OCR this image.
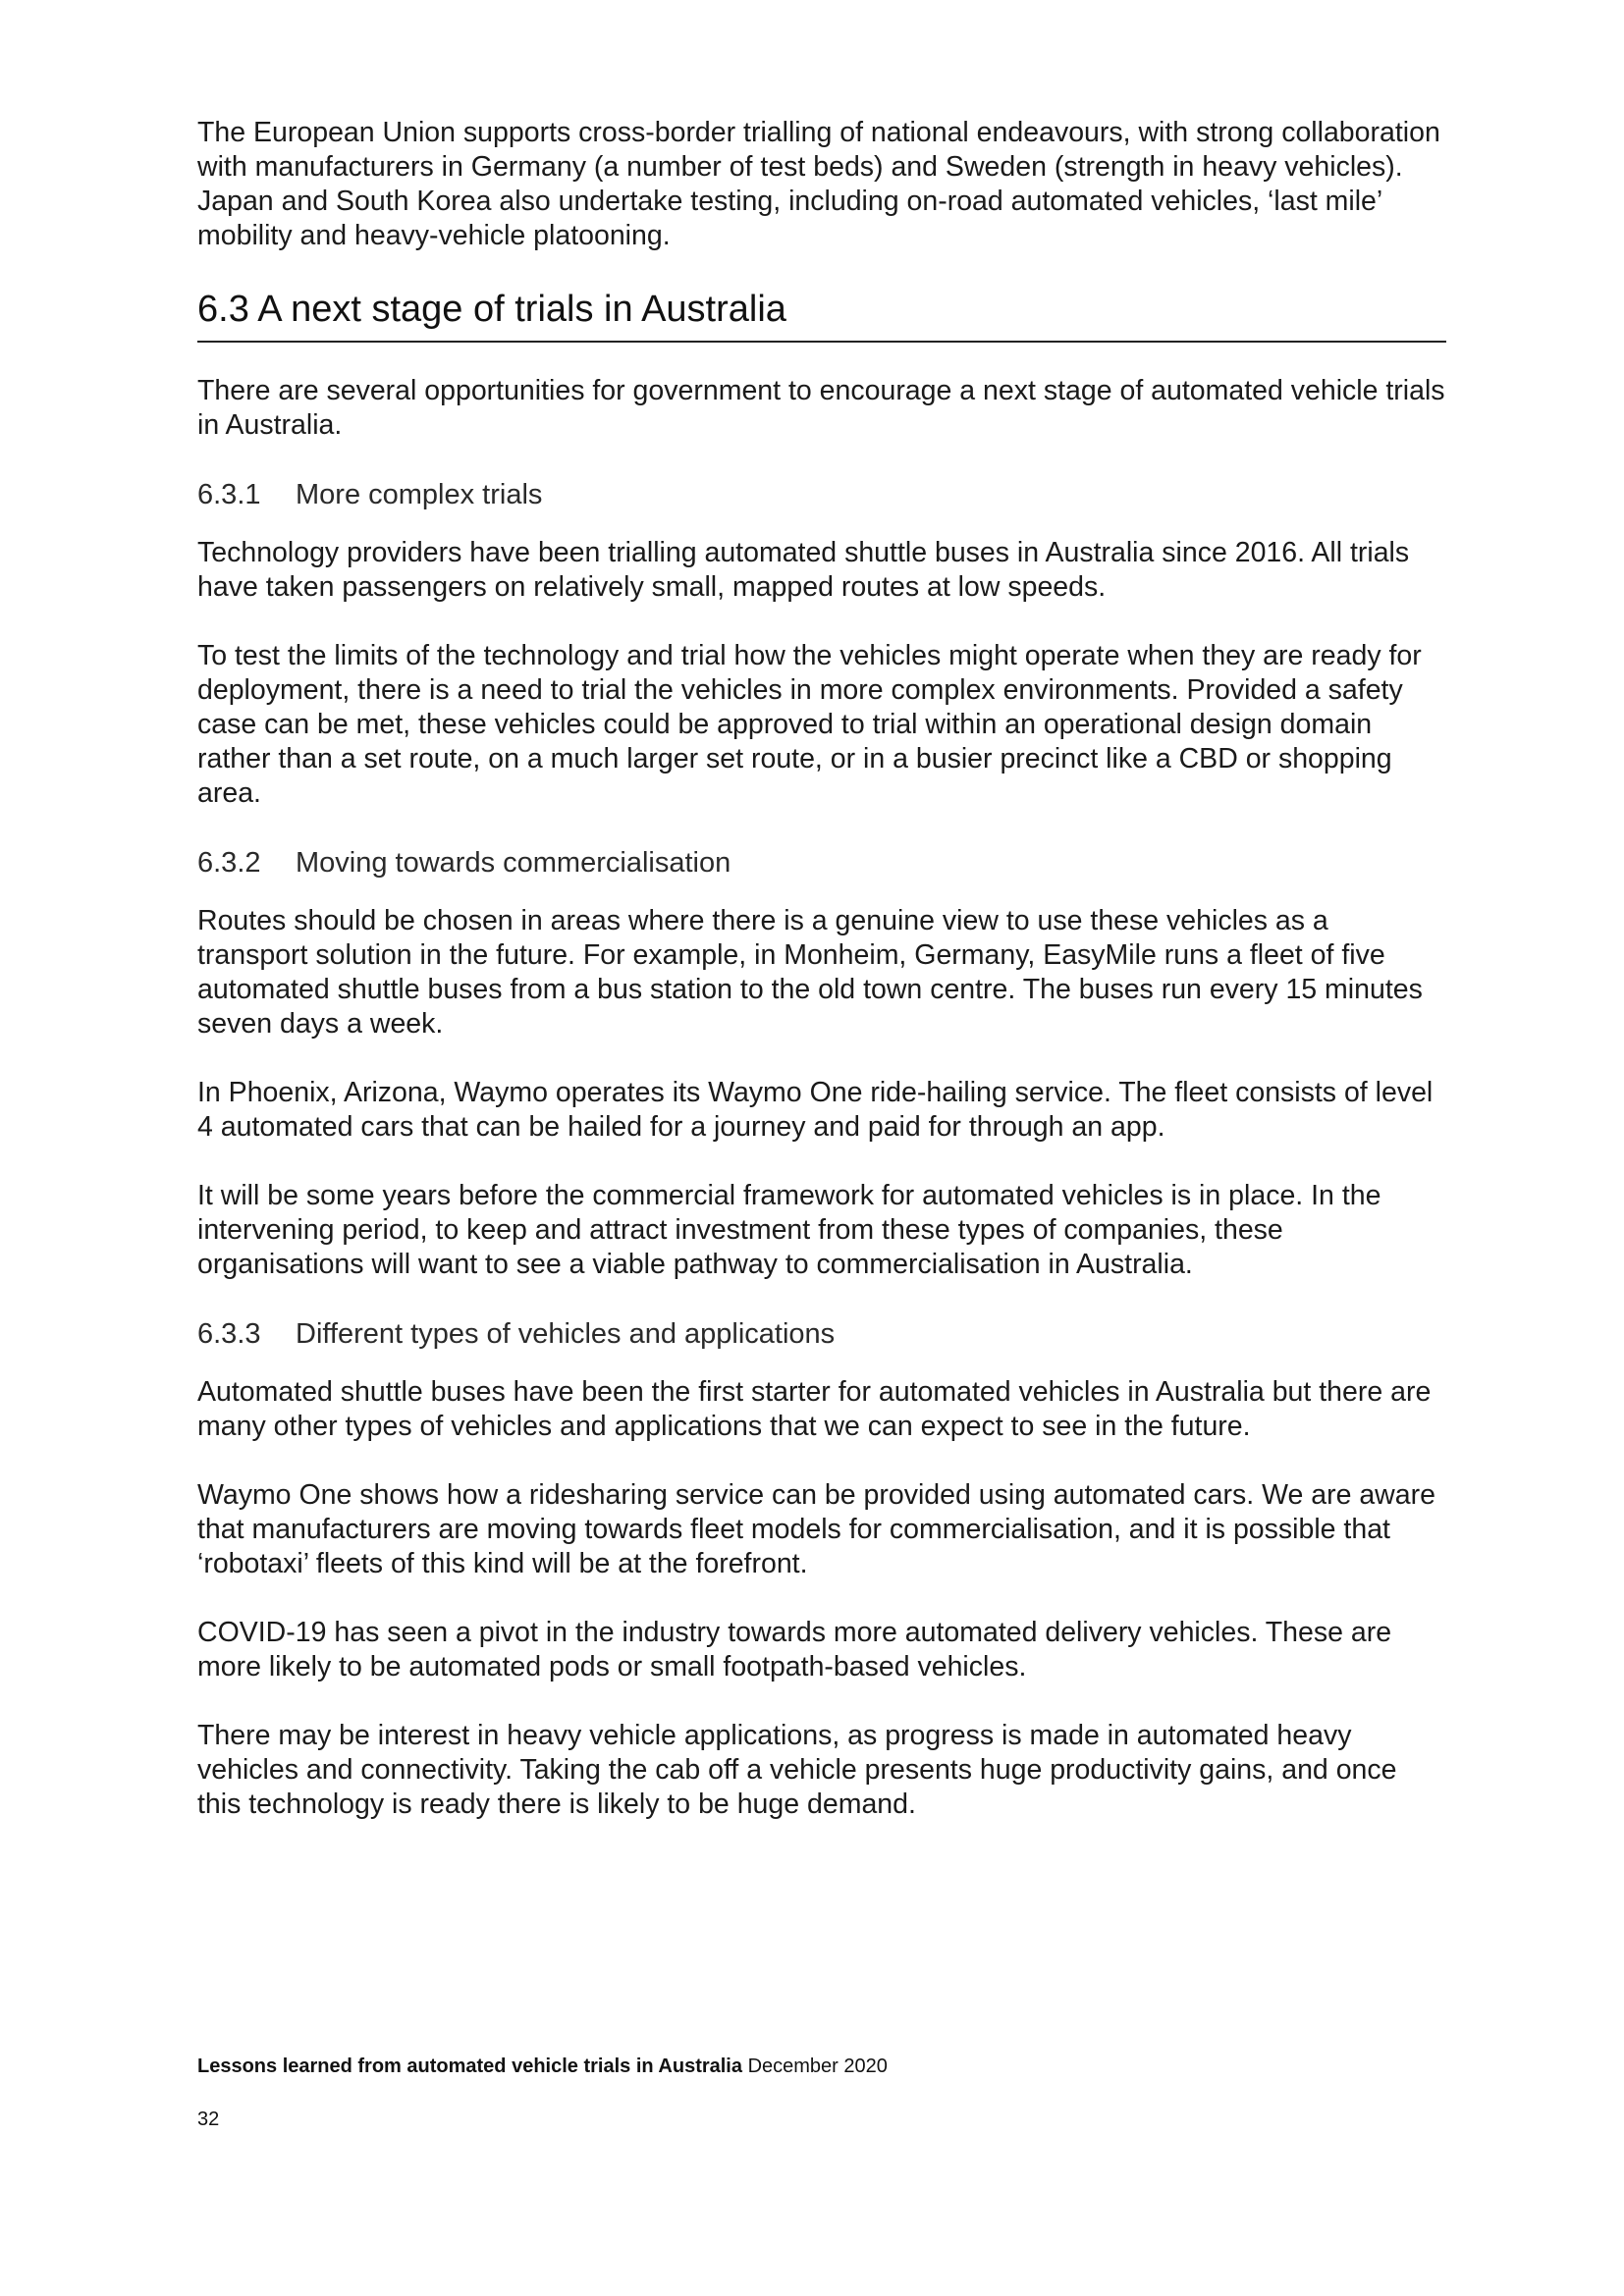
The European Union supports cross-border trialling of national endeavours, with strong collaboration with manufacturers in Germany (a number of test beds) and Sweden (strength in heavy vehicles). Japan and South Korea also undertake testing, including on-road automated vehicles, ‘last mile’ mobility and heavy-vehicle platooning.

6.3 A next stage of trials in Australia

There are several opportunities for government to encourage a next stage of automated vehicle trials in Australia.

6.3.1	More complex trials

Technology providers have been trialling automated shuttle buses in Australia since 2016. All trials have taken passengers on relatively small, mapped routes at low speeds.

To test the limits of the technology and trial how the vehicles might operate when they are ready for deployment, there is a need to trial the vehicles in more complex environments. Provided a safety case can be met, these vehicles could be approved to trial within an operational design domain rather than a set route, on a much larger set route, or in a busier precinct like a CBD or shopping area.

6.3.2	Moving towards commercialisation

Routes should be chosen in areas where there is a genuine view to use these vehicles as a transport solution in the future. For example, in Monheim, Germany, EasyMile runs a fleet of five automated shuttle buses from a bus station to the old town centre. The buses run every 15 minutes seven days a week.

In Phoenix, Arizona, Waymo operates its Waymo One ride-hailing service. The fleet consists of level 4 automated cars that can be hailed for a journey and paid for through an app.

It will be some years before the commercial framework for automated vehicles is in place. In the intervening period, to keep and attract investment from these types of companies, these organisations will want to see a viable pathway to commercialisation in Australia.

6.3.3	Different types of vehicles and applications

Automated shuttle buses have been the first starter for automated vehicles in Australia but there are many other types of vehicles and applications that we can expect to see in the future.

Waymo One shows how a ridesharing service can be provided using automated cars. We are aware that manufacturers are moving towards fleet models for commercialisation, and it is possible that ‘robotaxi’ fleets of this kind will be at the forefront.

COVID-19 has seen a pivot in the industry towards more automated delivery vehicles. These are more likely to be automated pods or small footpath-based vehicles.

There may be interest in heavy vehicle applications, as progress is made in automated heavy vehicles and connectivity. Taking the cab off a vehicle presents huge productivity gains, and once this technology is ready there is likely to be huge demand.

Lessons learned from automated vehicle trials in Australia December 2020
32
